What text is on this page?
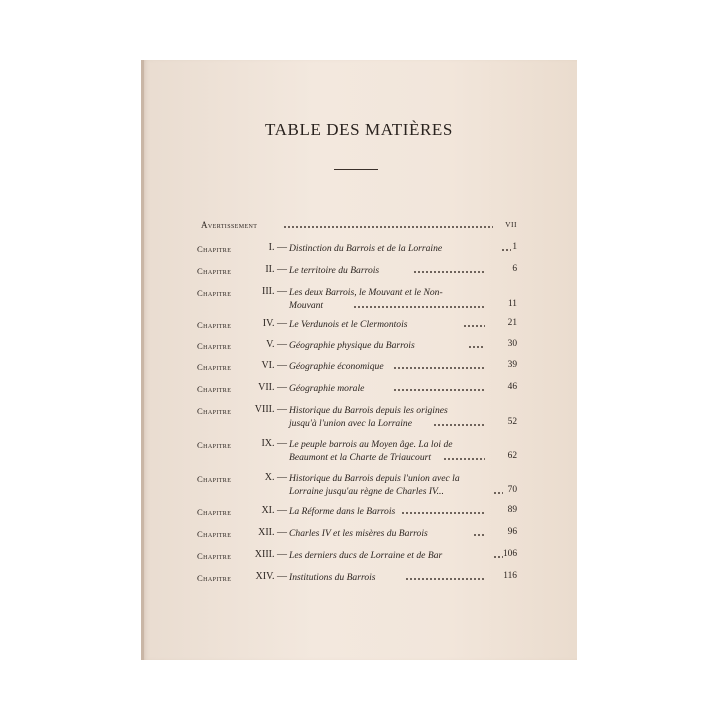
TABLE DES MATIÈRES
Avertissement	VII
Chapitre	I. — Distinction du Barrois et de la Lorraine	1
Chapitre	II. — Le territoire du Barrois	6
Chapitre	III. — Les deux Barrois, le Mouvant et le Non-
Mouvant	11
Chapitre	IV. — Le Verdunois et le Clermontois	21
Chapitre	V. — Géographie physique du Barrois	30
Chapitre	VI. — Géographie économique	39
Chapitre	VII. — Géographie morale	46
Chapitre	VIII. — Historique du Barrois depuis les origines
jusqu'à l'union avec la Lorraine	52
Chapitre	IX. — Le peuple barrois au Moyen âge. La loi de
Beaumont et la Charte de Triaucourt	62
Chapitre	X. — Historique du Barrois depuis l'union avec la
Lorraine jusqu'au règne de Charles IV...	70
Chapitre	XI. — La Réforme dans le Barrois	89
Chapitre	XII. — Charles IV et les misères du Barrois	96
Chapitre	XIII. — Les derniers ducs de Lorraine et de Bar	106
Chapitre	XIV. — Institutions du Barrois	116
